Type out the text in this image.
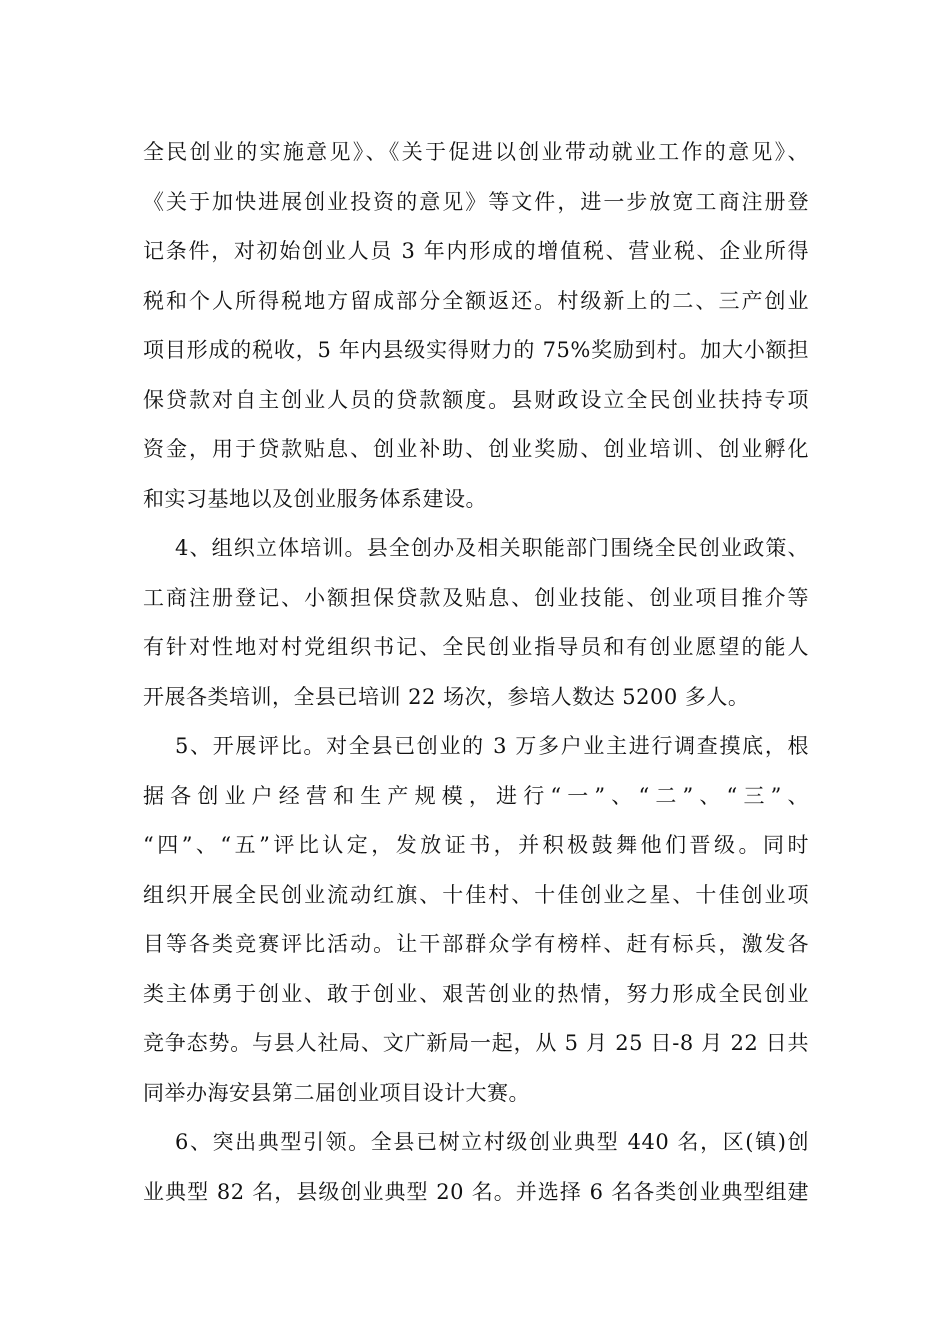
全民创业的实施意见》、《关于促进以创业带动就业工作的意见》、
《关于加快进展创业投资的意见》等文件，进一步放宽工商注册登
记条件，对初始创业人员 3 年内形成的增值税、营业税、企业所得
税和个人所得税地方留成部分全额返还。村级新上的二、三产创业
项目形成的税收，5 年内县级实得财力的 75%奖励到村。加大小额担
保贷款对自主创业人员的贷款额度。县财政设立全民创业扶持专项
资金，用于贷款贴息、创业补助、创业奖励、创业培训、创业孵化
和实习基地以及创业服务体系建设。
4、组织立体培训。县全创办及相关职能部门围绕全民创业政策、
工商注册登记、小额担保贷款及贴息、创业技能、创业项目推介等
有针对性地对村党组织书记、全民创业指导员和有创业愿望的能人
开展各类培训，全县已培训 22 场次，参培人数达 5200 多人。
5、开展评比。对全县已创业的 3 万多户业主进行调查摸底，根
据各创业户经营和生产规模，进行“一”、“二”、“三”、
“四”、“五”评比认定，发放证书，并积极鼓舞他们晋级。同时
组织开展全民创业流动红旗、十佳村、十佳创业之星、十佳创业项
目等各类竞赛评比活动。让干部群众学有榜样、赶有标兵，激发各
类主体勇于创业、敢于创业、艰苦创业的热情，努力形成全民创业
竞争态势。与县人社局、文广新局一起，从 5 月 25 日-8 月 22 日共
同举办海安县第二届创业项目设计大赛。
6、突出典型引领。全县已树立村级创业典型 440 名，区(镇)创
业典型 82 名，县级创业典型 20 名。并选择 6 名各类创业典型组建
